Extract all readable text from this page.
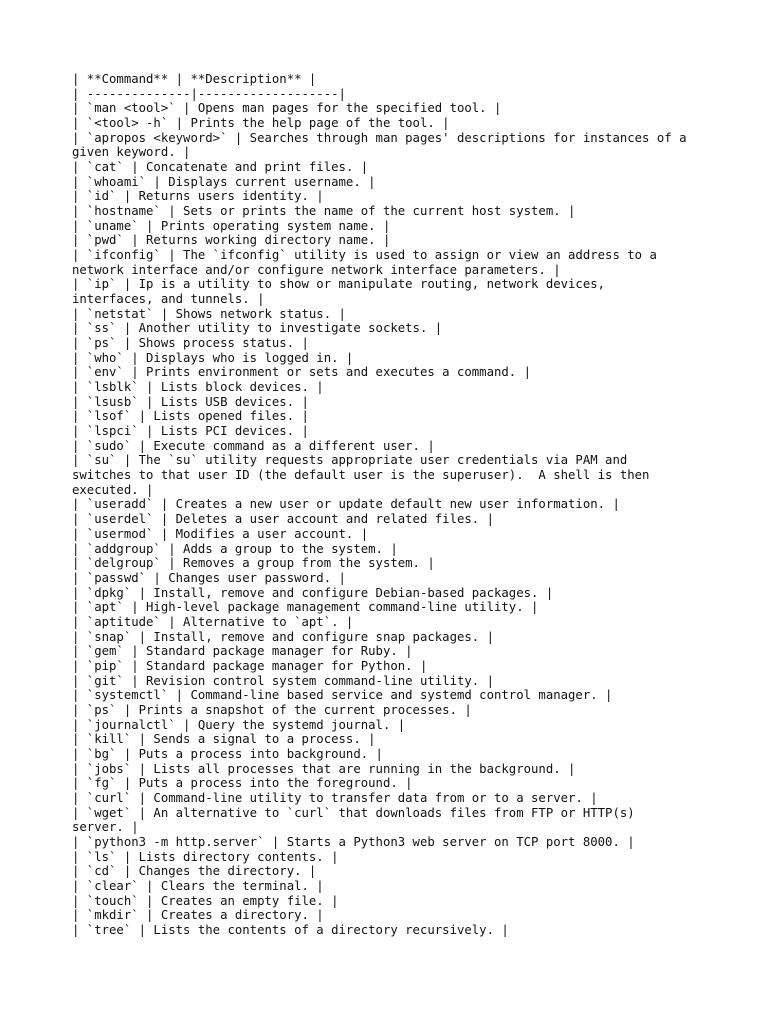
| **Command** | **Description** |

| --------------|-------------------|

| `man <tool>` | Opens man pages for the specified tool. |

| `<tool> -h` | Prints the help page of the tool. |

| `apropos <keyword>` | Searches through man pages' descriptions for instances of a

given keyword. |

| `cat` | Concatenate and print files. |

| `whoami` | Displays current username. |

| `id` | Returns users identity. |

| `hostname` | Sets or prints the name of the current host system. |

| `uname` | Prints operating system name. |

| `pwd` | Returns working directory name. |

| `ifconfig` | The `ifconfig` utility is used to assign or view an address to a

network interface and/or configure network interface parameters. |

| `ip` | Ip is a utility to show or manipulate routing, network devices,

interfaces, and tunnels. |

| `netstat` | Shows network status. |

| `ss` | Another utility to investigate sockets. |

| `ps` | Shows process status. |

| `who` | Displays who is logged in. |

| `env` | Prints environment or sets and executes a command. |

| `lsblk` | Lists block devices. |

| `lsusb` | Lists USB devices. |

| `lsof` | Lists opened files. |

| `lspci` | Lists PCI devices. |

| `sudo` | Execute command as a different user. |

| `su` | The `su` utility requests appropriate user credentials via PAM and

switches to that user ID (the default user is the superuser).  A shell is then

executed. |

| `useradd` | Creates a new user or update default new user information. |

| `userdel` | Deletes a user account and related files. |

| `usermod` | Modifies a user account. |

| `addgroup` | Adds a group to the system. |

| `delgroup` | Removes a group from the system. |

| `passwd` | Changes user password. |

| `dpkg` | Install, remove and configure Debian-based packages. |

| `apt` | High-level package management command-line utility. |

| `aptitude` | Alternative to `apt`. |

| `snap` | Install, remove and configure snap packages. |

| `gem` | Standard package manager for Ruby. |

| `pip` | Standard package manager for Python. |

| `git` | Revision control system command-line utility. |

| `systemctl` | Command-line based service and systemd control manager. |

| `ps` | Prints a snapshot of the current processes. |

| `journalctl` | Query the systemd journal. |

| `kill` | Sends a signal to a process. |

| `bg` | Puts a process into background. |

| `jobs` | Lists all processes that are running in the background. |

| `fg` | Puts a process into the foreground. |

| `curl` | Command-line utility to transfer data from or to a server. |

| `wget` | An alternative to `curl` that downloads files from FTP or HTTP(s)

server. |

| `python3 -m http.server` | Starts a Python3 web server on TCP port 8000. |

| `ls` | Lists directory contents. |

| `cd` | Changes the directory. |

| `clear` | Clears the terminal. |

| `touch` | Creates an empty file. |

| `mkdir` | Creates a directory. |

| `tree` | Lists the contents of a directory recursively. |
